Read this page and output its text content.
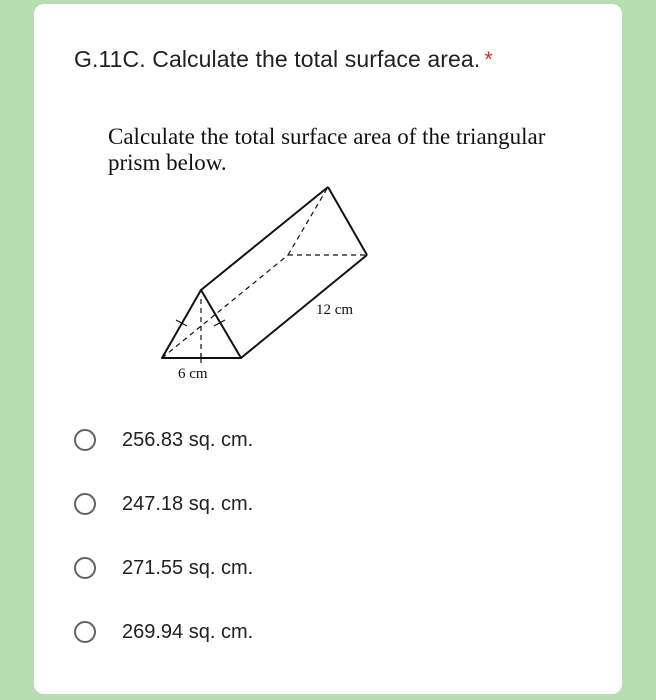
G.11C. Calculate the total surface area. *
Calculate the total surface area of the triangular
prism below.
12 cm
6 cm
256.83 sq. cm.
247.18 sq. cm.
271.55 sq. cm.
269.94 sq. cm.
